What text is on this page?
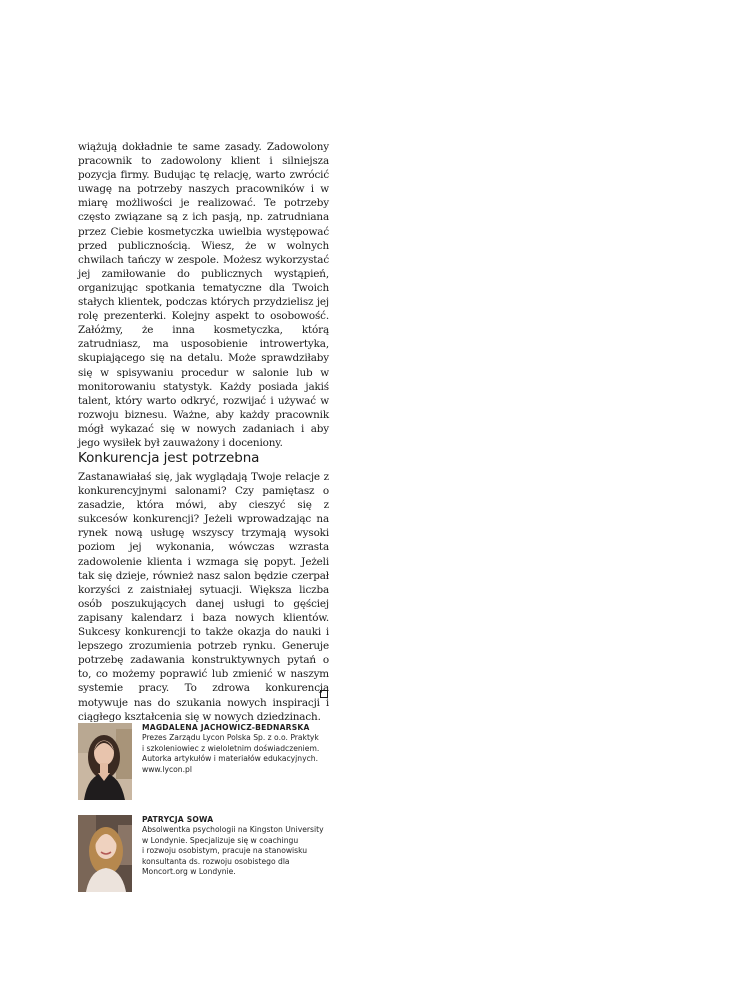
wiążują dokładnie te same zasady. Zadowolony pracownik to zadowolony klient i silniejsza pozycja firmy. Budując tę relację, warto zwrócić uwagę na potrzeby naszych pracowników i w miarę możliwości je realizować. Te potrzeby często związane są z ich pasją, np. zatrudniana przez Ciebie kosmetyczka uwielbia występować przed publicznością. Wiesz, że w wolnych chwilach tańczy w zespole. Możesz wykorzystać jej zamiłowanie do publicznych wystąpień, organizując spotkania tematyczne dla Twoich stałych klientek, podczas których przydzielisz jej rolę prezenterki. Kolejny aspekt to osobowość. Załóżmy, że inna kosmetyczka, którą zatrudniasz, ma usposobienie introwertyka, skupiającego się na detalu. Może sprawdziłaby się w spisywaniu procedur w salonie lub w monitorowaniu statystyk. Każdy posiada jakiś talent, który warto odkryć, rozwijać i używać w rozwoju biznesu. Ważne, aby każdy pracownik mógł wykazać się w nowych zadaniach i aby jego wysiłek był zauważony i doceniony.

Konkurencja jest potrzebna

Zastanawiałaś się, jak wyglądają Twoje relacje z konkurencyjnymi salonami? Czy pamiętasz o zasadzie, która mówi, aby cieszyć się z sukcesów konkurencji? Jeżeli wprowadzając na rynek nową usługę wszyscy trzymają wysoki poziom jej wykonania, wówczas wzrasta zadowolenie klienta i wzmaga się popyt. Jeżeli tak się dzieje, również nasz salon będzie czerpał korzyści z zaistniałej sytuacji. Większa liczba osób poszukujących danej usługi to gęściej zapisany kalendarz i baza nowych klientów. Sukcesy konkurencji to także okazja do nauki i lepszego zrozumienia potrzeb rynku. Generuje potrzebę zadawania konstruktywnych pytań o to, co możemy poprawić lub zmienić w naszym systemie pracy. To zdrowa konkurencja motywuje nas do szukania nowych inspiracji i ciągłego kształcenia się w nowych dziedzinach.

MAGDALENA JACHOWICZ-BEDNARSKA
Prezes Zarządu Lycon Polska Sp. z o.o. Praktyk
i szkoleniowiec z wieloletnim doświadczeniem.
Autorka artykułów i materiałów edukacyjnych.
www.lycon.pl
PATRYCJA SOWA
Absolwentka psychologii na Kingston University
w Londynie. Specjalizuje się w coachingu
i rozwoju osobistym, pracuje na stanowisku
konsultanta ds. rozwoju osobistego dla
Moncort.org w Londynie.
